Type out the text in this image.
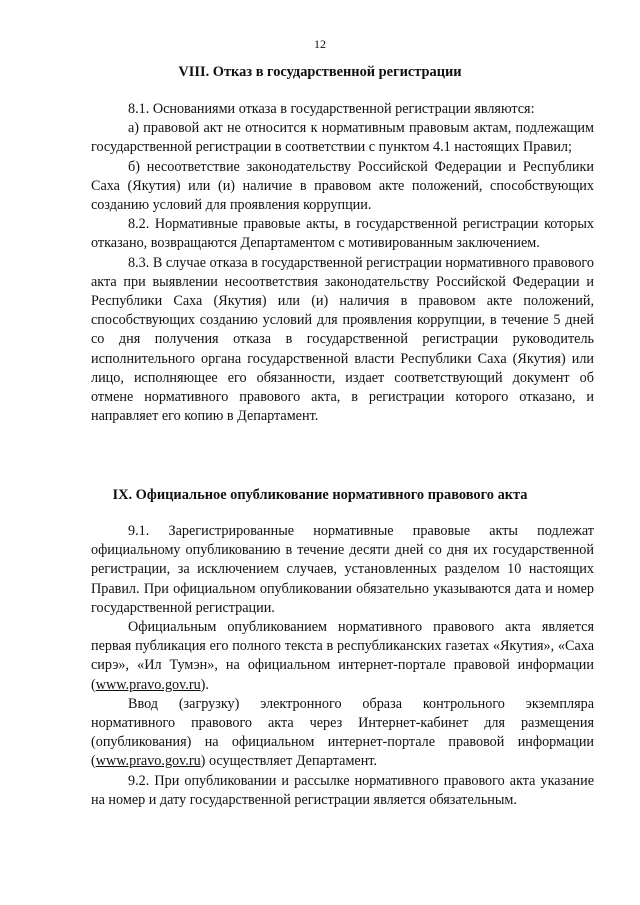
12
VIII. Отказ в государственной регистрации

8.1. Основаниями отказа в государственной регистрации являются:

а) правовой акт не относится к нормативным правовым актам, подлежащим государственной регистрации в соответствии с пунктом 4.1 настоящих Правил;

б) несоответствие законодательству Российской Федерации и Республики Саха (Якутия) или (и) наличие в правовом акте положений, способствующих созданию условий для проявления коррупции.

8.2. Нормативные правовые акты, в государственной регистрации которых отказано, возвращаются Департаментом с мотивированным заключением.

8.3. В случае отказа в государственной регистрации нормативного правового акта при выявлении несоответствия законодательству Российской Федерации и Республики Саха (Якутия) или (и) наличия в правовом акте положений, способствующих созданию условий для проявления коррупции, в течение 5 дней со дня получения отказа в государственной регистрации руководитель исполнительного органа государственной власти Республики Саха (Якутия) или лицо, исполняющее его обязанности, издает соответствующий документ об отмене нормативного правового акта, в регистрации которого отказано, и направляет его копию в Департамент.

IX. Официальное опубликование нормативного правового акта

9.1. Зарегистрированные нормативные правовые акты подлежат официальному опубликованию в течение десяти дней со дня их государственной регистрации, за исключением случаев, установленных разделом 10 настоящих Правил. При официальном опубликовании обязательно указываются дата и номер государственной регистрации.

Официальным опубликованием нормативного правового акта является первая публикация его полного текста в республиканских газетах «Якутия», «Саха сирэ», «Ил Тумэн», на официальном интернет-портале правовой информации (www.pravo.gov.ru).

Ввод (загрузку) электронного образа контрольного экземпляра нормативного правового акта через Интернет-кабинет для размещения (опубликования) на официальном интернет-портале правовой информации (www.pravo.gov.ru) осуществляет Департамент.

9.2. При опубликовании и рассылке нормативного правового акта указание на номер и дату государственной регистрации является обязательным.
